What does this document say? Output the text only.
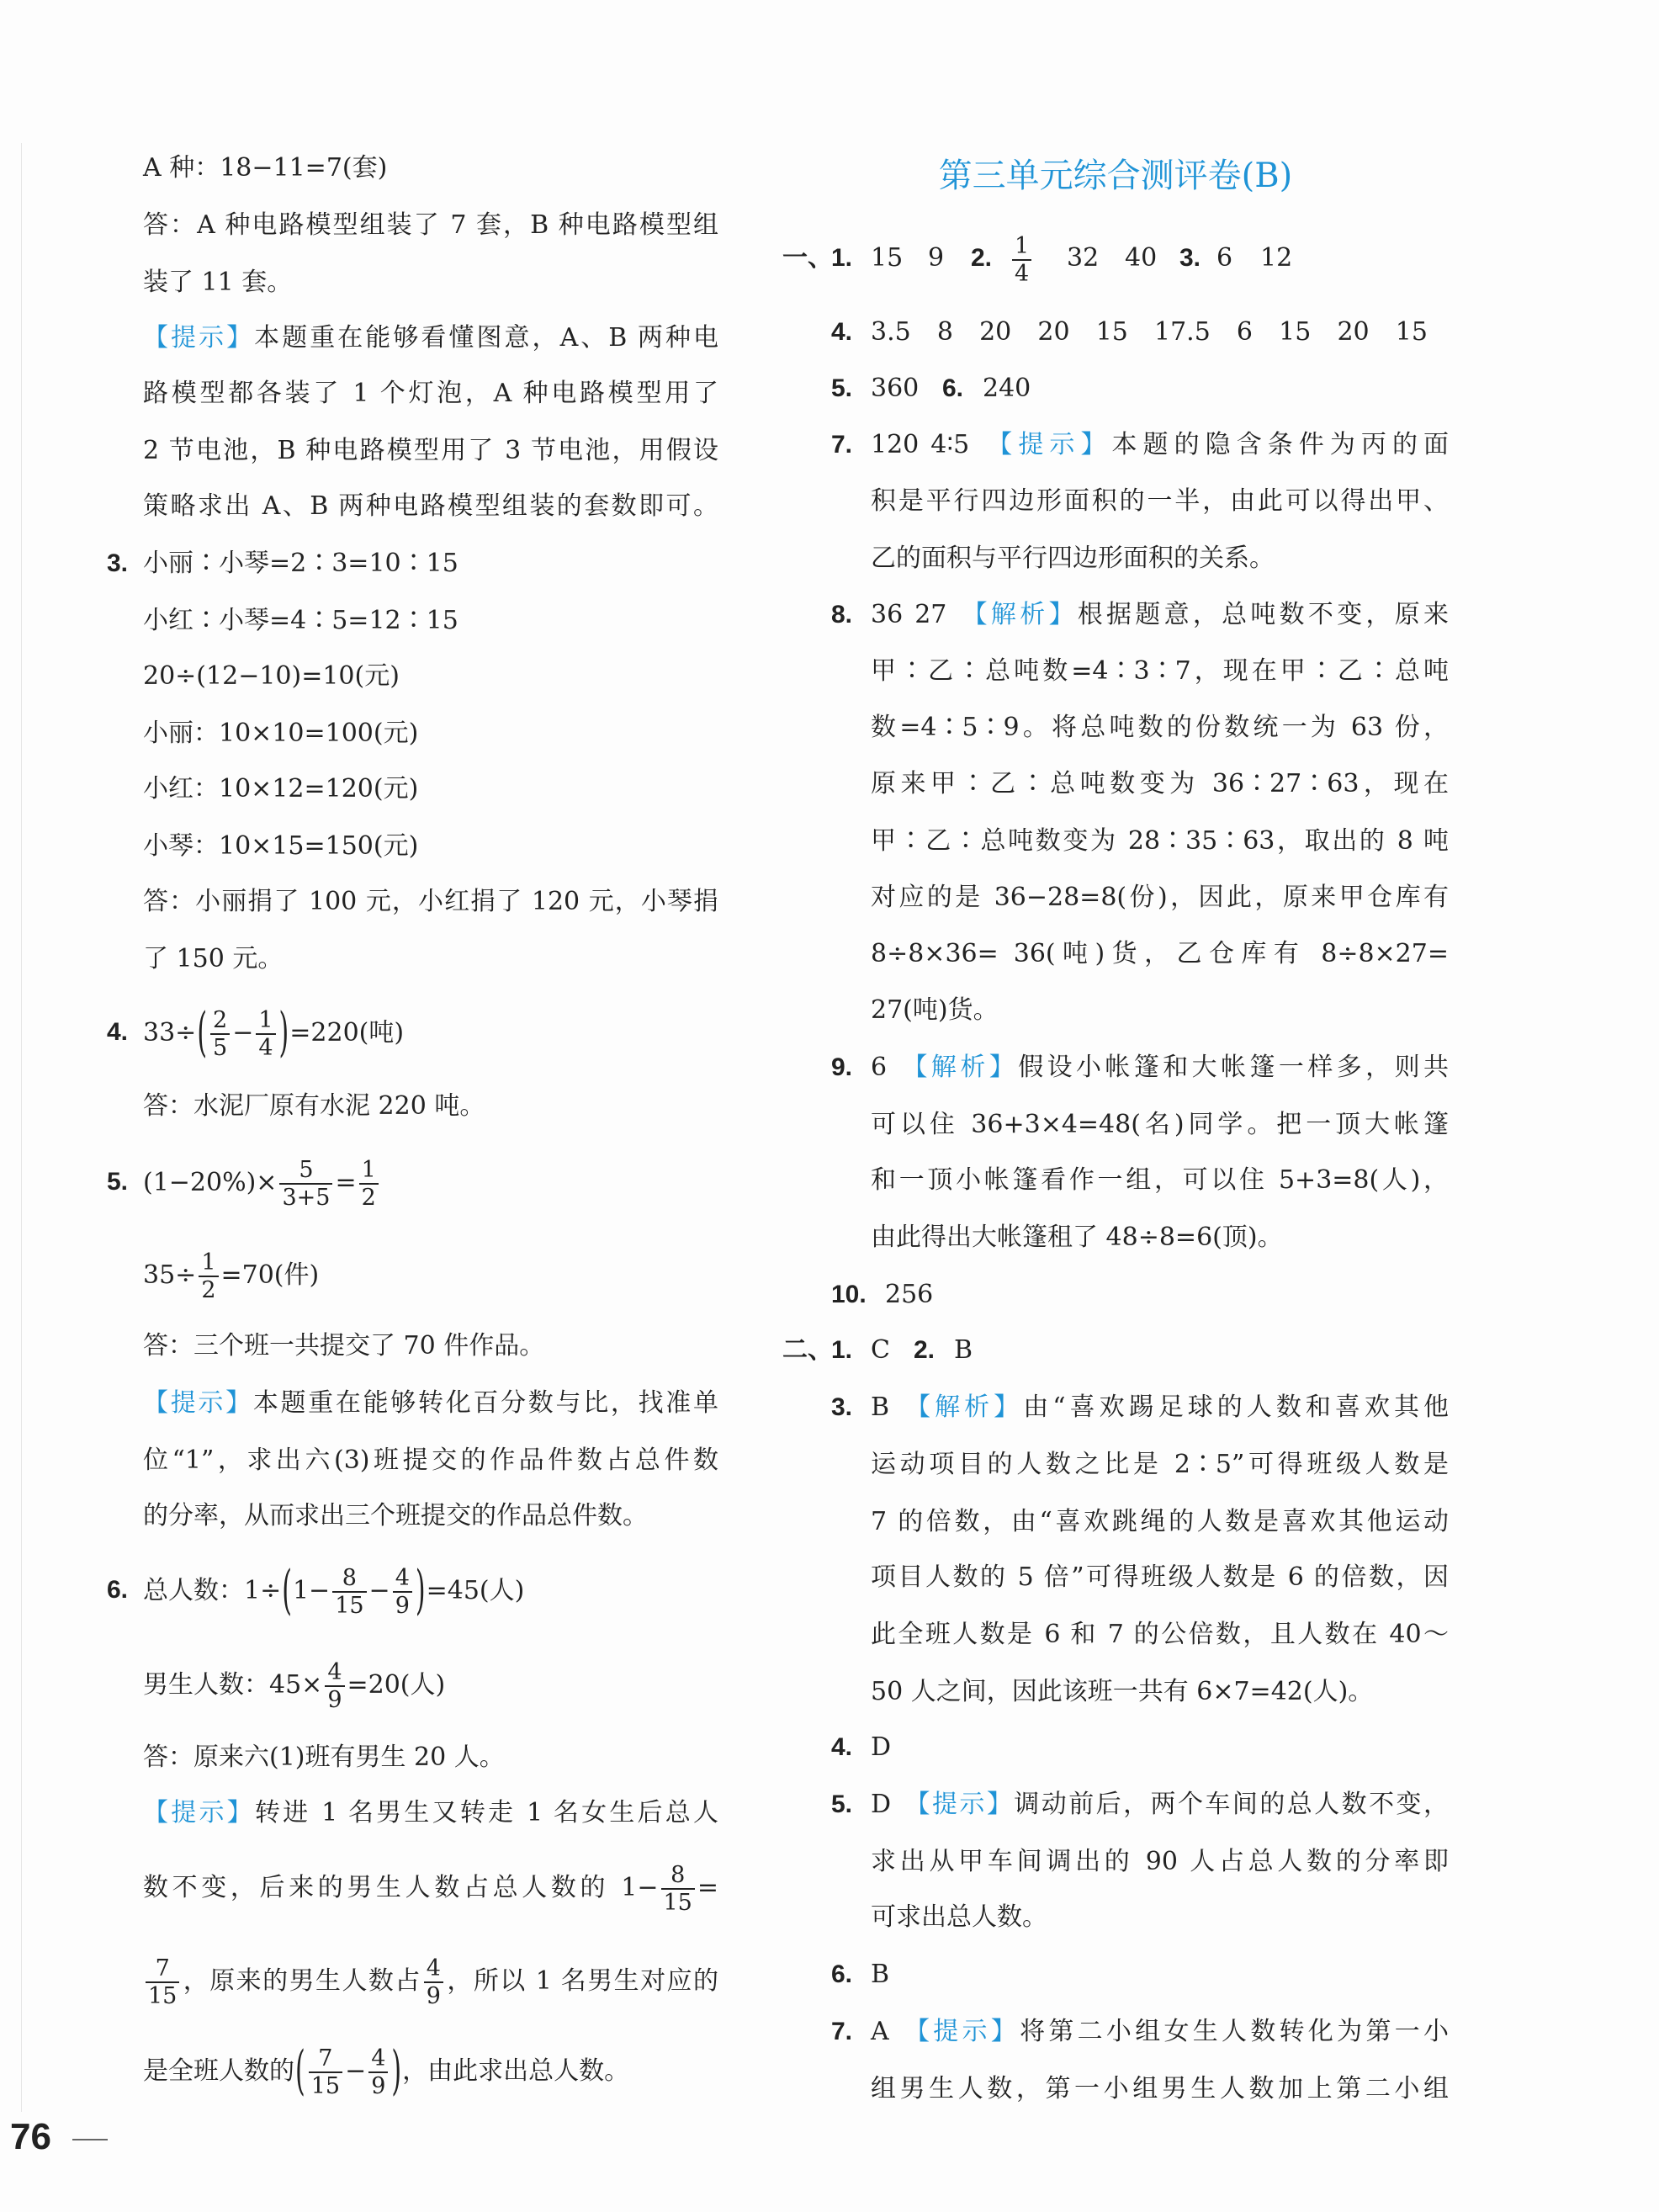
A 种：18−11=7(套)
答：A 种电路模型组装了 7 套，B 种电路模型组
装了 11 套。
【提示】本题重在能够看懂图意，A、B 两种电
路模型都各装了 1 个灯泡，A 种电路模型用了
2 节电池，B 种电路模型用了 3 节电池，用假设
策略求出 A、B 两种电路模型组装的套数即可。
3. 小丽∶小琴=2∶3=10∶15
小红∶小琴=4∶5=12∶15
20÷(12−10)=10(元)
小丽：10×10=100(元)
小红：10×12=120(元)
小琴：10×15=150(元)
答：小丽捐了 100 元，小红捐了 120 元，小琴捐
了 150 元。
4. $33\div( \frac{2}{5} - \frac{1}{4} )=220$(吨)
答：水泥厂原有水泥 220 吨。
5. $(1-20\%)\times \frac{5}{3+5} = \frac{1}{2}$
$35\div \frac{1}{2} =70$(件)
答：三个班一共提交了 70 件作品。
【提示】本题重在能够转化百分数与比，找准单
位“1”，求出六(3)班提交的作品件数占总件数
的分率，从而求出三个班提交的作品总件数。
6. 总人数：$1\div(1- \frac{8}{15} - \frac{4}{9} )=45$(人)
男生人数：$45\times \frac{4}{9} =20$(人)
答：原来六(1)班有男生 20 人。
【提示】转进 1 名男生又转走 1 名女生后总人
数不变，后来的男生人数占总人数的 $1- \frac{8}{15}$ =
$\frac{7}{15}$ ，原来的男生人数占 $\frac{4}{9}$ ，所以 1 名男生对应的
是全班人数的( $\frac{7}{15} - \frac{4}{9}$ )，由此求出总人数。
第三单元综合测评卷(B)
一、
1. 15 9 2. $\frac{1}{4} 32$ 40 3. 6 12
4. 3.5 8 20 20 15 17.5 6 15 20 15
5. 360 6. 240
7. 120 4∶5 【提示】本题的隐含条件为丙的面
积是平行四边形面积的一半，由此可以得出甲、
乙的面积与平行四边形面积的关系。
8. 36 27 【解析】根据题意，总吨数不变，原来
甲∶乙∶总吨数=4∶3∶7，现在甲∶乙∶总吨
数=4∶5∶9。将总吨数的份数统一为 63 份，
原来甲∶乙∶总吨数变为 36∶27∶63，现在
甲∶乙∶总吨数变为 28∶35∶63，取出的 8 吨
对应的是 36−28=8(份)，因此，原来甲仓库有
8÷8×36= 36(吨)货，乙仓库有 8÷8×27=
27(吨)货。
9. 6 【解析】假设小帐篷和大帐篷一样多，则共
可以住 36+3×4=48(名)同学。把一顶大帐篷
和一顶小帐篷看作一组，可以住 5+3=8(人)，
由此得出大帐篷租了 48÷8=6(顶)。
10. 256
二、
1. C 2. B
3. B 【解析】由“喜欢踢足球的人数和喜欢其他
运动项目的人数之比是 2∶5”可得班级人数是
7 的倍数，由“喜欢跳绳的人数是喜欢其他运动
项目人数的 5 倍”可得班级人数是 6 的倍数，因
此全班人数是 6 和 7 的公倍数，且人数在 40～
50 人之间，因此该班一共有 6×7=42(人)。
4. D
5. D 【提示】调动前后，两个车间的总人数不变，
求出从甲车间调出的 90 人占总人数的分率即
可求出总人数。
6. B
7. A 【提示】将第二小组女生人数转化为第一小
组男生人数，第一小组男生人数加上第二小组
76
